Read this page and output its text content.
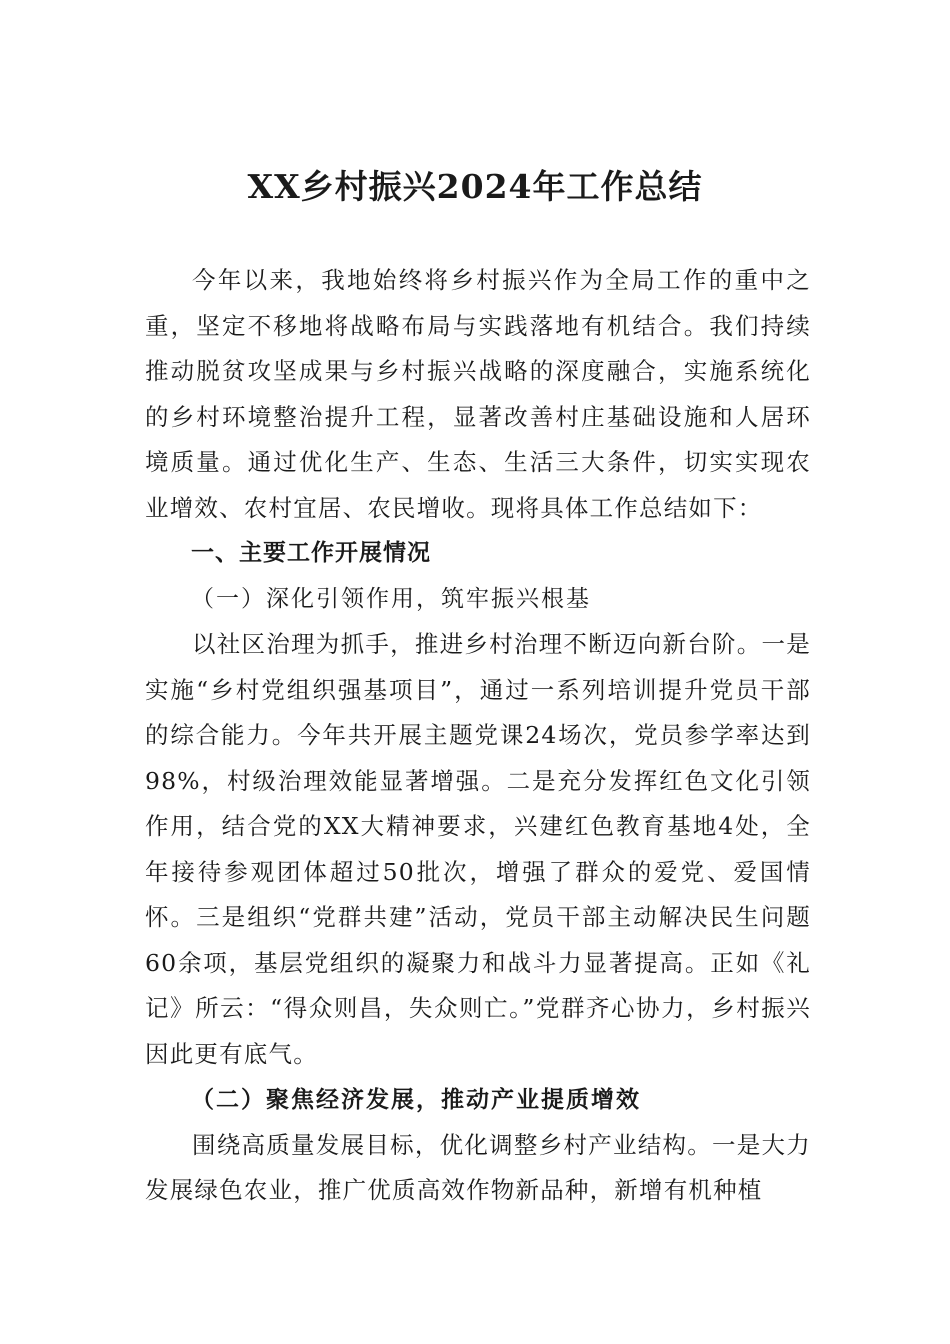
XX乡村振兴2024年工作总结

今年以来，我地始终将乡村振兴作为全局工作的重中之重，坚定不移地将战略布局与实践落地有机结合。我们持续推动脱贫攻坚成果与乡村振兴战略的深度融合，实施系统化的乡村环境整治提升工程，显著改善村庄基础设施和人居环境质量。通过优化生产、生态、生活三大条件，切实实现农业增效、农村宜居、农民增收。现将具体工作总结如下：

一、主要工作开展情况

（一）深化引领作用，筑牢振兴根基

以社区治理为抓手，推进乡村治理不断迈向新台阶。一是实施“乡村党组织强基项目”，通过一系列培训提升党员干部的综合能力。今年共开展主题党课24场次，党员参学率达到98%，村级治理效能显著增强。二是充分发挥红色文化引领作用，结合党的XX大精神要求，兴建红色教育基地4处，全年接待参观团体超过50批次，增强了群众的爱党、爱国情怀。三是组织“党群共建”活动，党员干部主动解决民生问题60余项，基层党组织的凝聚力和战斗力显著提高。正如《礼记》所云：“得众则昌，失众则亡。”党群齐心协力，乡村振兴因此更有底气。

（二）聚焦经济发展，推动产业提质增效

围绕高质量发展目标，优化调整乡村产业结构。一是大力发展绿色农业，推广优质高效作物新品种，新增有机种植
